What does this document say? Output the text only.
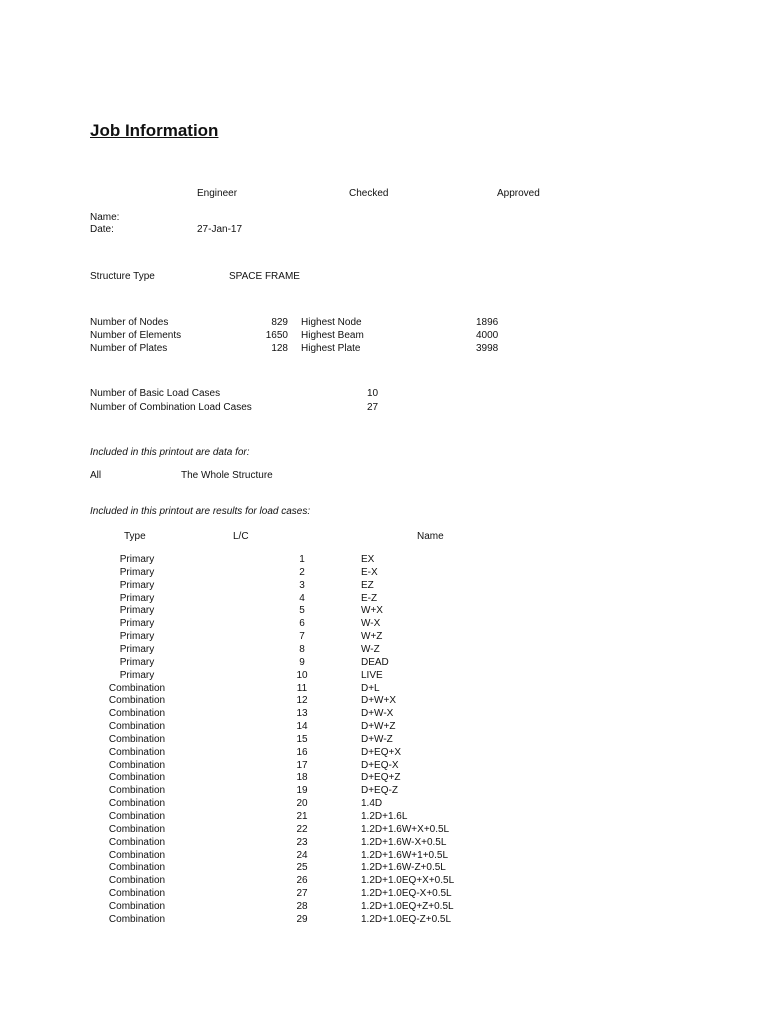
Job Information
Engineer	Checked	Approved
Name:
Date:	27-Jan-17
Structure Type	SPACE FRAME
Number of Nodes	829 Highest Node	1896
Number of Elements	1650 Highest Beam	4000
Number of Plates	128 Highest Plate	3998
Number of Basic Load Cases	10
Number of Combination Load Cases	27
Included in this printout are data for:
All	The Whole Structure
Included in this printout are results for load cases:
Type	L/C	Name
Primary	1	EX
Primary	2	E-X
Primary	3	EZ
Primary	4	E-Z
Primary	5	W+X
Primary	6	W-X
Primary	7	W+Z
Primary	8	W-Z
Primary	9	DEAD
Primary	10	LIVE
Combination	11	D+L
Combination	12	D+W+X
Combination	13	D+W-X
Combination	14	D+W+Z
Combination	15	D+W-Z
Combination	16	D+EQ+X
Combination	17	D+EQ-X
Combination	18	D+EQ+Z
Combination	19	D+EQ-Z
Combination	20	1.4D
Combination	21	1.2D+1.6L
Combination	22	1.2D+1.6W+X+0.5L
Combination	23	1.2D+1.6W-X+0.5L
Combination	24	1.2D+1.6W+1+0.5L
Combination	25	1.2D+1.6W-Z+0.5L
Combination	26	1.2D+1.0EQ+X+0.5L
Combination	27	1.2D+1.0EQ-X+0.5L
Combination	28	1.2D+1.0EQ+Z+0.5L
Combination	29	1.2D+1.0EQ-Z+0.5L
